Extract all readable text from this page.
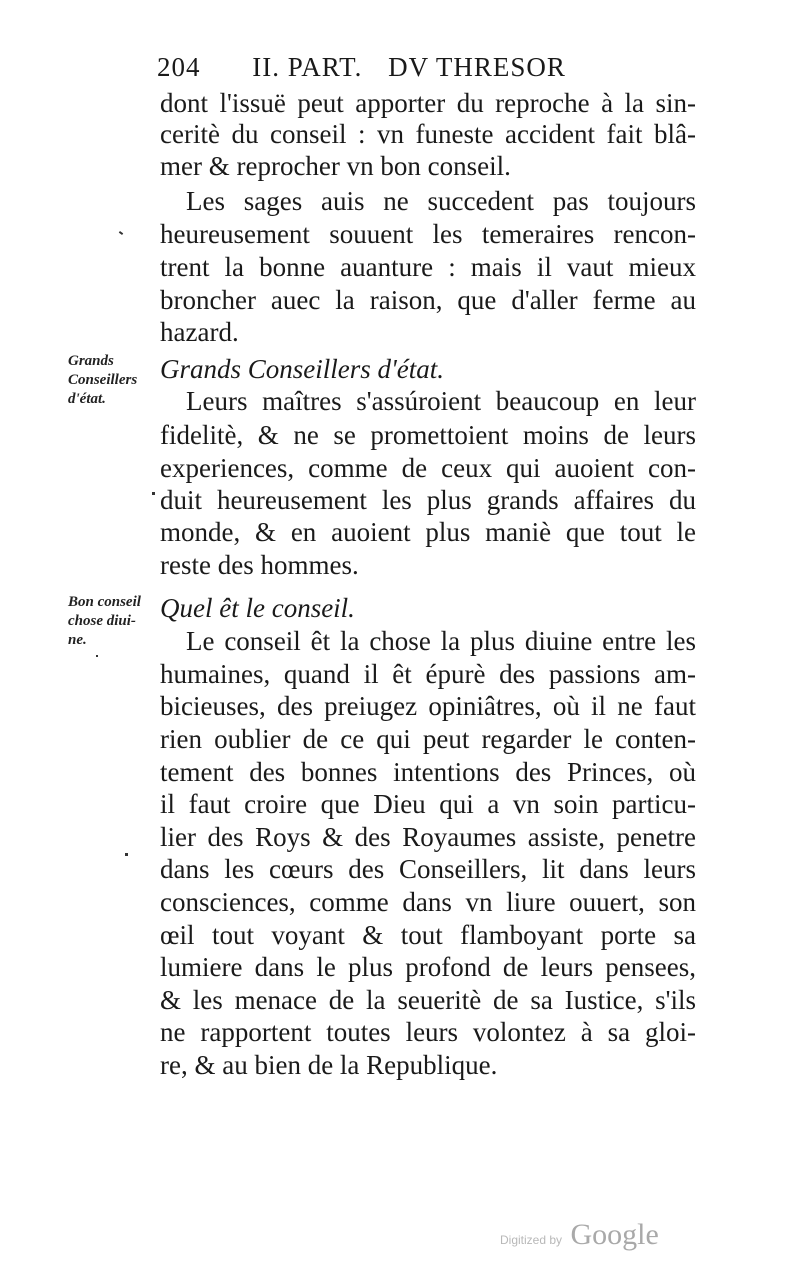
204 II. PART. DV THRESOR
dont l'issuë peut apporter du reproche à la sin-
ceritè du conseil : vn funeste accident fait blâ-
mer & reprocher vn bon conseil.
Les sages auis ne succedent pas toujours
heureusement souuent les temeraires rencon-
trent la bonne auanture : mais il vaut mieux
broncher auec la raison, que d'aller ferme au
hazard.
Grands Conseillers d'état.
Leurs maîtres s'assúroient beaucoup en leur
fidelitè, & ne se promettoient moins de leurs
experiences, comme de ceux qui auoient con-
duit heureusement les plus grands affaires du
monde, & en auoient plus maniè que tout le
reste des hommes.
Quel êt le conseil.
Le conseil êt la chose la plus diuine entre les
humaines, quand il êt épurè des passions am-
bicieuses, des preiugez opiniâtres, où il ne faut
rien oublier de ce qui peut regarder le conten-
tement des bonnes intentions des Princes, où
il faut croire que Dieu qui a vn soin particu-
lier des Roys & des Royaumes assiste, penetre
dans les cœurs des Conseillers, lit dans leurs
consciences, comme dans vn liure ouuert, son
œil tout voyant & tout flamboyant porte sa
lumiere dans le plus profond de leurs pensees,
& les menace de la seueritè de sa Iustice, s'ils
ne rapportent toutes leurs volontez à sa gloi-
re, & au bien de la Republique.
Grands
Conseillers
d'état.
Bon conseil
chose diui-
ne.
Digitized by Google
